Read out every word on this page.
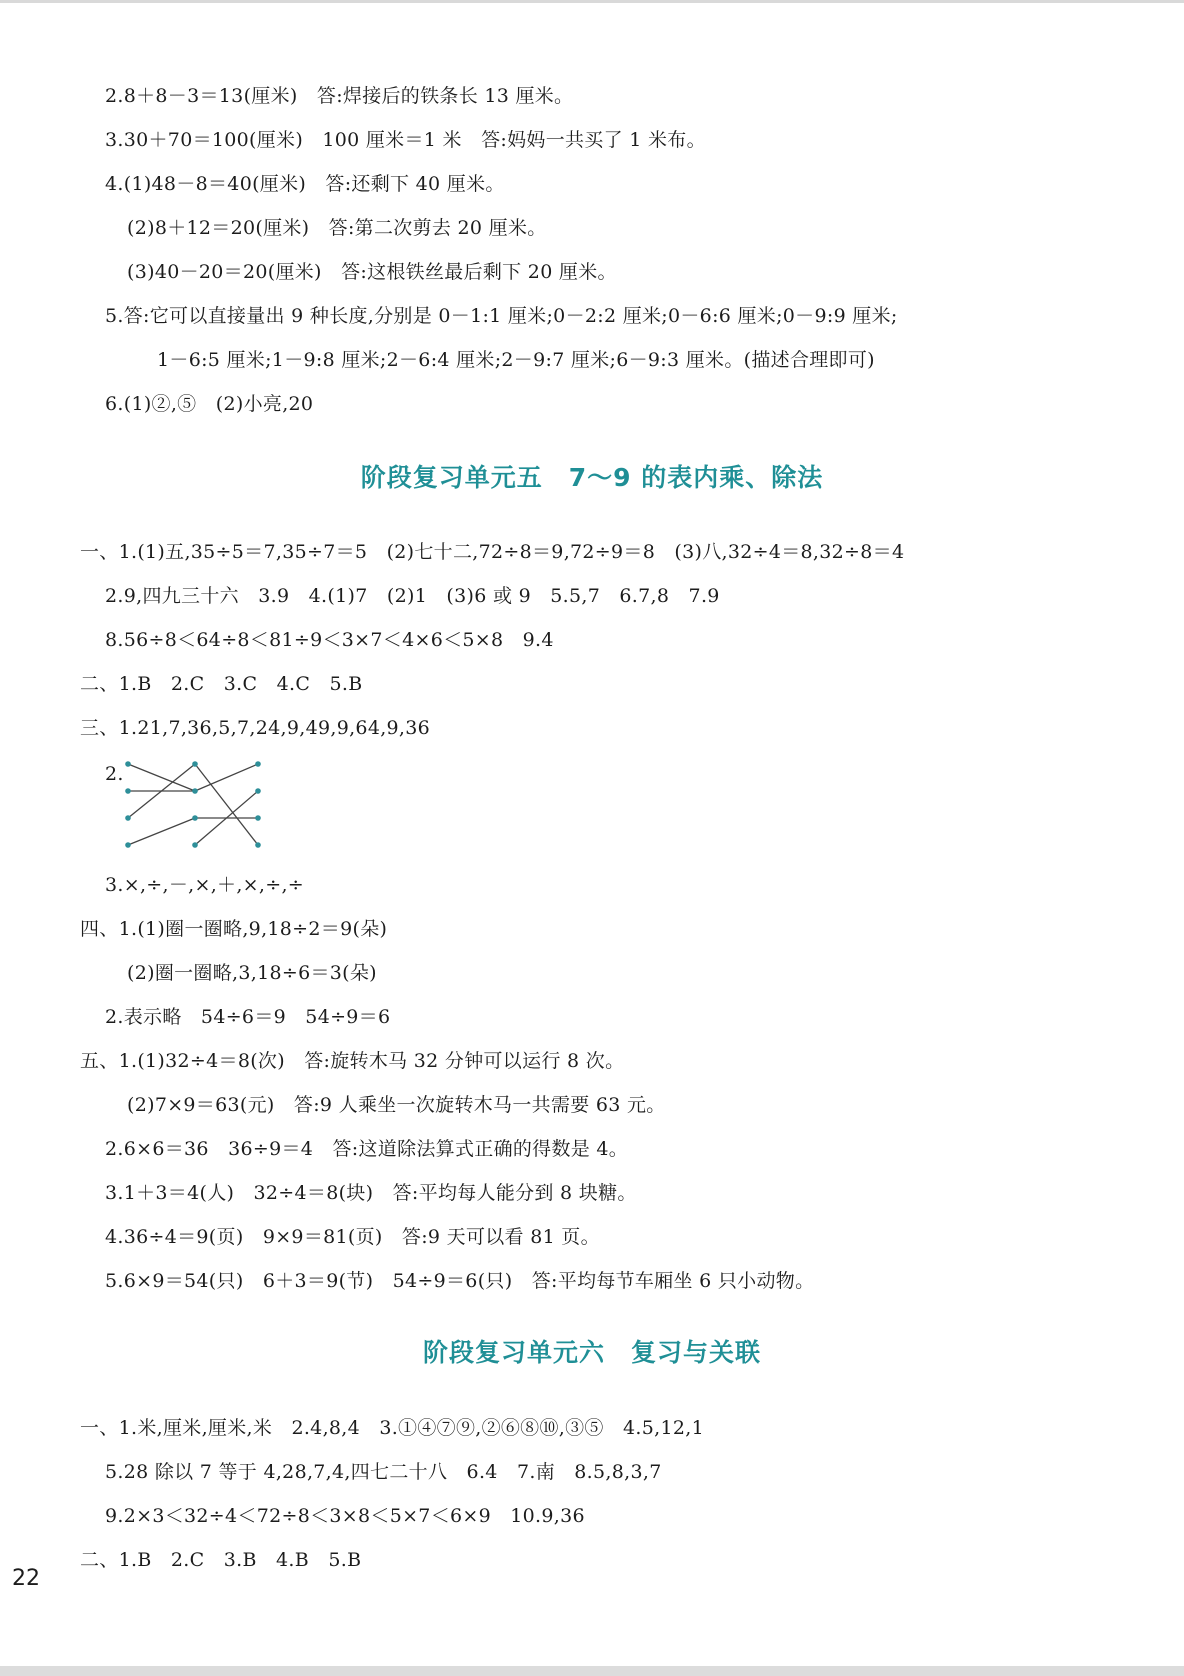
2.8＋8－3＝13(厘米)　答:焊接后的铁条长 13 厘米。
3.30＋70＝100(厘米)　100 厘米＝1 米　答:妈妈一共买了 1 米布。
4.(1)48－8＝40(厘米)　答:还剩下 40 厘米。
(2)8＋12＝20(厘米)　答:第二次剪去 20 厘米。
(3)40－20＝20(厘米)　答:这根铁丝最后剩下 20 厘米。
5.答:它可以直接量出 9 种长度,分别是 0－1:1 厘米;0－2:2 厘米;0－6:6 厘米;0－9:9 厘米;
1－6:5 厘米;1－9:8 厘米;2－6:4 厘米;2－9:7 厘米;6－9:3 厘米。(描述合理即可)
6.(1)②,⑤　(2)小亮,20
阶段复习单元五　7～9 的表内乘、除法
一、1.(1)五,35÷5＝7,35÷7＝5　(2)七十二,72÷8＝9,72÷9＝8　(3)八,32÷4＝8,32÷8＝4
2.9,四九三十六　3.9　4.(1)7　(2)1　(3)6 或 9　5.5,7　6.7,8　7.9
8.56÷8＜64÷8＜81÷9＜3×7＜4×6＜5×8　9.4
二、1.B　2.C　3.C　4.C　5.B
三、1.21,7,36,5,7,24,9,49,9,64,9,36
2.
3.×,÷,－,×,＋,×,÷,÷
四、1.(1)圈一圈略,9,18÷2＝9(朵)
(2)圈一圈略,3,18÷6＝3(朵)
2.表示略　54÷6＝9　54÷9＝6
五、1.(1)32÷4＝8(次)　答:旋转木马 32 分钟可以运行 8 次。
(2)7×9＝63(元)　答:9 人乘坐一次旋转木马一共需要 63 元。
2.6×6＝36　36÷9＝4　答:这道除法算式正确的得数是 4。
3.1＋3＝4(人)　32÷4＝8(块)　答:平均每人能分到 8 块糖。
4.36÷4＝9(页)　9×9＝81(页)　答:9 天可以看 81 页。
5.6×9＝54(只)　6＋3＝9(节)　54÷9＝6(只)　答:平均每节车厢坐 6 只小动物。
阶段复习单元六　复习与关联
一、1.米,厘米,厘米,米　2.4,8,4　3.①④⑦⑨,②⑥⑧⑩,③⑤　4.5,12,1
5.28 除以 7 等于 4,28,7,4,四七二十八　6.4　7.南　8.5,8,3,7
9.2×3＜32÷4＜72÷8＜3×8＜5×7＜6×9　10.9,36
二、1.B　2.C　3.B　4.B　5.B
22
